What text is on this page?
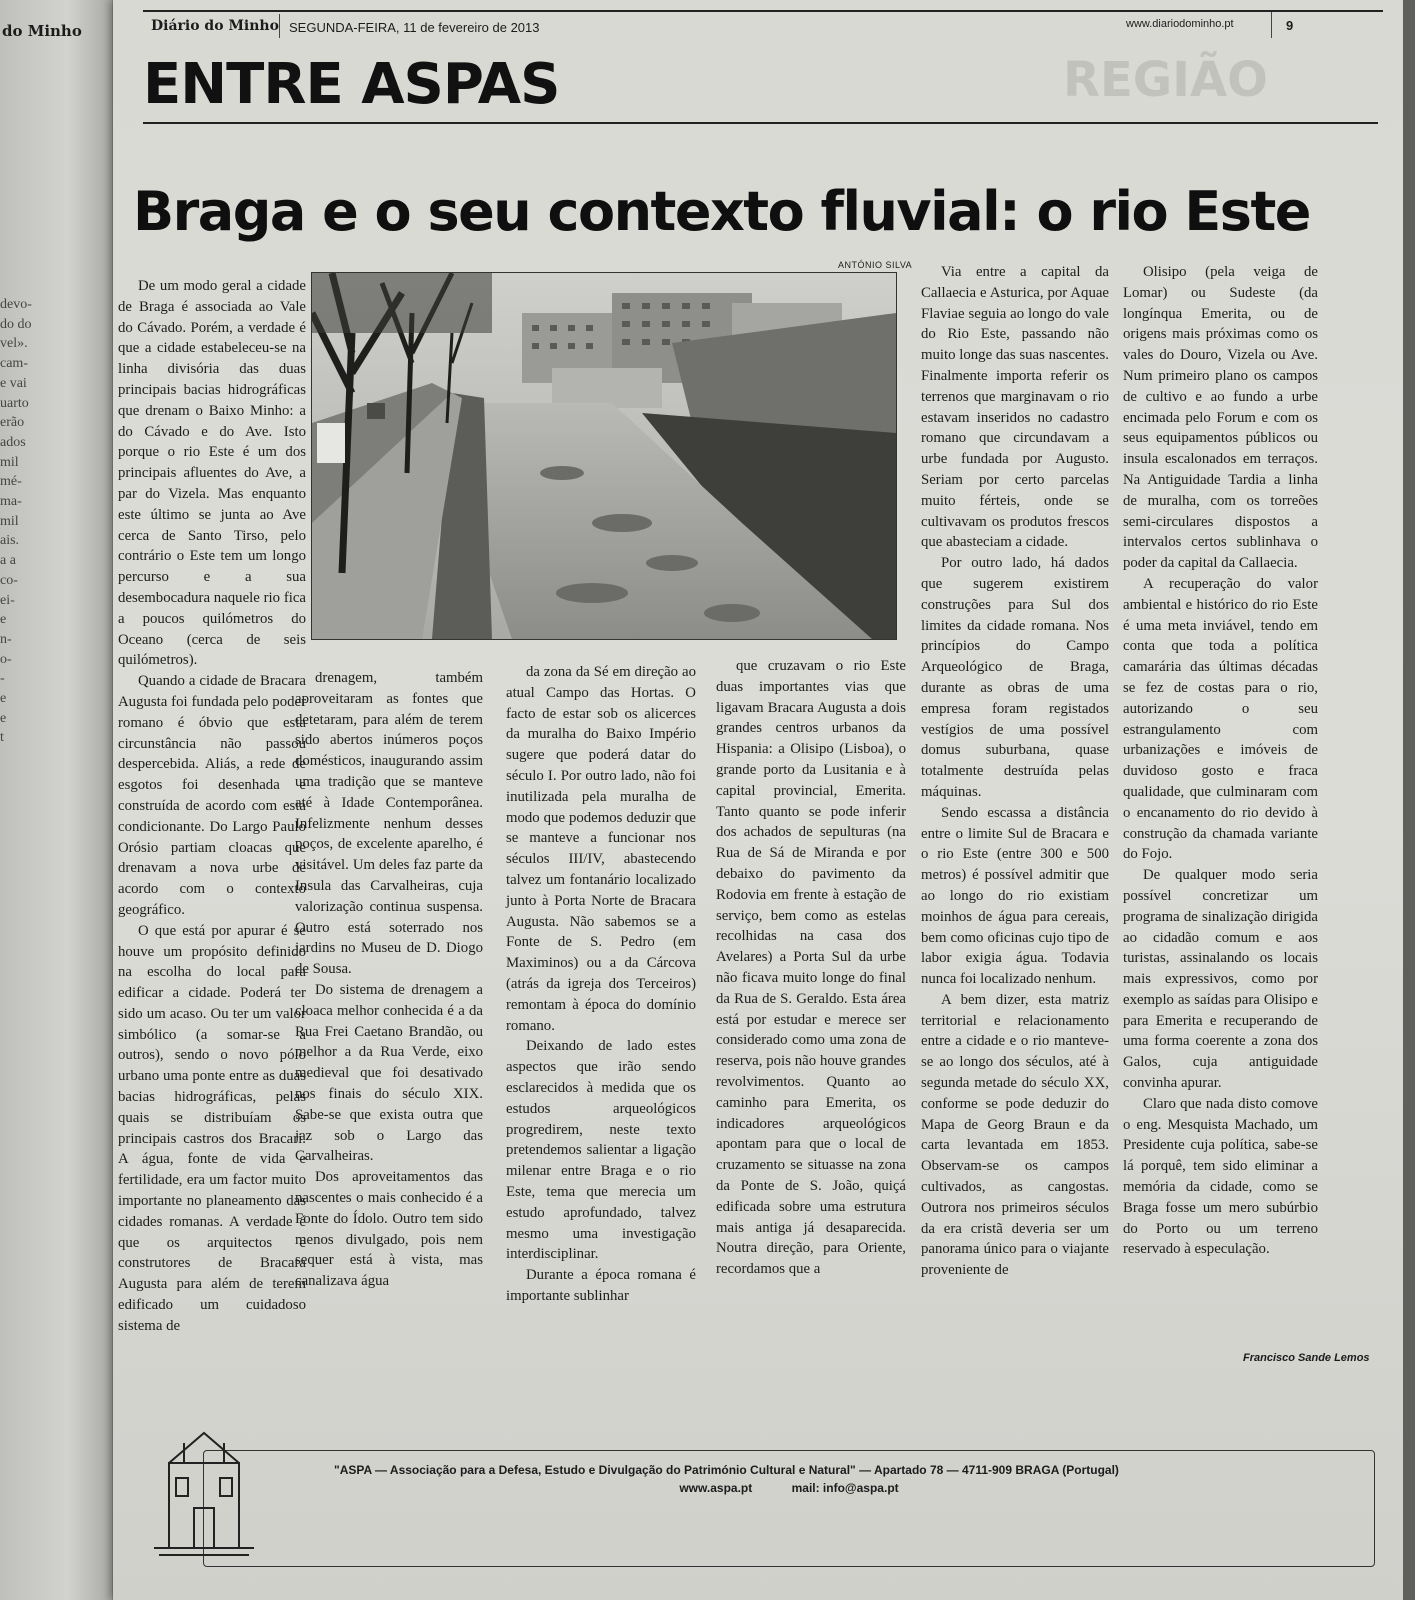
do Minho
devo-
do do
vel».
cam-
e vai
uarto
erão
ados
mil
mé-
ma-
mil
ais.
a a
co-
ei-
e
n-
o-
-
e
e
t
Diário do Minho SEGUNDA-FEIRA, 11 de fevereiro de 2013	www.diariodominho.pt	9
REGIÃO
ENTRE ASPAS
Braga e o seu contexto fluvial: o rio Este
ANTÓNIO SILVA

De um modo geral a cidade de Braga é associada ao Vale do Cávado. Porém, a verdade é que a cidade estabeleceu-se na linha divisória das duas principais bacias hidrográficas que drenam o Baixo Minho: a do Cávado e do Ave. Isto porque o rio Este é um dos principais afluentes do Ave, a par do Vizela. Mas enquanto este último se junta ao Ave cerca de Santo Tirso, pelo contrário o Este tem um longo percurso e a sua desembocadura naquele rio fica a poucos quilómetros do Oceano (cerca de seis quilómetros).

Quando a cidade de Bracara Augusta foi fundada pelo poder romano é óbvio que esta circunstância não passou despercebida. Aliás, a rede de esgotos foi desenhada e construída de acordo com esta condicionante. Do Largo Paulo Orósio partiam cloacas que drenavam a nova urbe de acordo com o contexto geográfico.

O que está por apurar é se houve um propósito definido na escolha do local para edificar a cidade. Poderá ter sido um acaso. Ou ter um valor simbólico (a somar-se a outros), sendo o novo pólo urbano uma ponte entre as duas bacias hidrográficas, pelas quais se distribuíam os principais castros dos Bracari. A água, fonte de vida e fertilidade, era um factor muito importante no planeamento das cidades romanas. A verdade é que os arquitectos e construtores de Bracara Augusta para além de terem edificado um cuidadoso sistema de

drenagem, também aproveitaram as fontes que detetaram, para além de terem sido abertos inúmeros poços domésticos, inaugurando assim uma tradição que se manteve até à Idade Contemporânea. Infelizmente nenhum desses poços, de excelente aparelho, é visitável. Um deles faz parte da Insula das Carvalheiras, cuja valorização continua suspensa. Outro está soterrado nos jardins no Museu de D. Diogo de Sousa.

Do sistema de drenagem a cloaca melhor conhecida é a da Rua Frei Caetano Brandão, ou melhor a da Rua Verde, eixo medieval que foi desativado nos finais do século XIX. Sabe-se que exista outra que jaz sob o Largo das Carvalheiras.

Dos aproveitamentos das nascentes o mais conhecido é a Fonte do Ídolo. Outro tem sido menos divulgado, pois nem sequer está à vista, mas canalizava água

da zona da Sé em direção ao atual Campo das Hortas. O facto de estar sob os alicerces da muralha do Baixo Império sugere que poderá datar do século I. Por outro lado, não foi inutilizada pela muralha de modo que podemos deduzir que se manteve a funcionar nos séculos III/IV, abastecendo talvez um fontanário localizado junto à Porta Norte de Bracara Augusta. Não sabemos se a Fonte de S. Pedro (em Maximinos) ou a da Cárcova (atrás da igreja dos Terceiros) remontam à época do domínio romano.

Deixando de lado estes aspectos que irão sendo esclarecidos à medida que os estudos arqueológicos progredirem, neste texto pretendemos salientar a ligação milenar entre Braga e o rio Este, tema que merecia um estudo aprofundado, talvez mesmo uma investigação interdisciplinar.

Durante a época romana é importante sublinhar

que cruzavam o rio Este duas importantes vias que ligavam Bracara Augusta a dois grandes centros urbanos da Hispania: a Olisipo (Lisboa), o grande porto da Lusitania e à capital provincial, Emerita. Tanto quanto se pode inferir dos achados de sepulturas (na Rua de Sá de Miranda e por debaixo do pavimento da Rodovia em frente à estação de serviço, bem como as estelas recolhidas na casa dos Avelares) a Porta Sul da urbe não ficava muito longe do final da Rua de S. Geraldo. Esta área está por estudar e merece ser considerado como uma zona de reserva, pois não houve grandes revolvimentos. Quanto ao caminho para Emerita, os indicadores arqueológicos apontam para que o local de cruzamento se situasse na zona da Ponte de S. João, quiçá edificada sobre uma estrutura mais antiga já desaparecida. Noutra direção, para Oriente, recordamos que a

Via entre a capital da Callaecia e Asturica, por Aquae Flaviae seguia ao longo do vale do Rio Este, passando não muito longe das suas nascentes. Finalmente importa referir os terrenos que marginavam o rio estavam inseridos no cadastro romano que circundavam a urbe fundada por Augusto. Seriam por certo parcelas muito férteis, onde se cultivavam os produtos frescos que abasteciam a cidade.

Por outro lado, há dados que sugerem existirem construções para Sul dos limites da cidade romana. Nos princípios do Campo Arqueológico de Braga, durante as obras de uma empresa foram registados vestígios de uma possível domus suburbana, quase totalmente destruída pelas máquinas.

Sendo escassa a distância entre o limite Sul de Bracara e o rio Este (entre 300 e 500 metros) é possível admitir que ao longo do rio existiam moinhos de água para cereais, bem como oficinas cujo tipo de labor exigia água. Todavia nunca foi localizado nenhum.

A bem dizer, esta matriz territorial e relacionamento entre a cidade e o rio manteve-se ao longo dos séculos, até à segunda metade do século XX, conforme se pode deduzir do Mapa de Georg Braun e da carta levantada em 1853. Observam-se os campos cultivados, as cangostas. Outrora nos primeiros séculos da era cristã deveria ser um panorama único para o viajante proveniente de

Olisipo (pela veiga de Lomar) ou Sudeste (da longínqua Emerita, ou de origens mais próximas como os vales do Douro, Vizela ou Ave. Num primeiro plano os campos de cultivo e ao fundo a urbe encimada pelo Forum e com os seus equipamentos públicos ou insula escalonados em terraços. Na Antiguidade Tardia a linha de muralha, com os torreões semi-circulares dispostos a intervalos certos sublinhava o poder da capital da Callaecia.

A recuperação do valor ambiental e histórico do rio Este é uma meta inviável, tendo em conta que toda a política camarária das últimas décadas se fez de costas para o rio, autorizando o seu estrangulamento com urbanizações e imóveis de duvidoso gosto e fraca qualidade, que culminaram com o encanamento do rio devido à construção da chamada variante do Fojo.

De qualquer modo seria possível concretizar um programa de sinalização dirigida ao cidadão comum e aos turistas, assinalando os locais mais expressivos, como por exemplo as saídas para Olisipo e para Emerita e recuperando de uma forma coerente a zona dos Galos, cuja antiguidade convinha apurar.

Claro que nada disto comove o eng. Mesquista Machado, um Presidente cuja política, sabe-se lá porquê, tem sido eliminar a memória da cidade, como se Braga fosse um mero subúrbio do Porto ou um terreno reservado à especulação.

Francisco Sande Lemos
"ASPA — Associação para a Defesa, Estudo e Divulgação do Património Cultural e Natural" — Apartado 78 — 4711-909 BRAGA (Portugal)
www.aspa.pt	mail: info@aspa.pt
